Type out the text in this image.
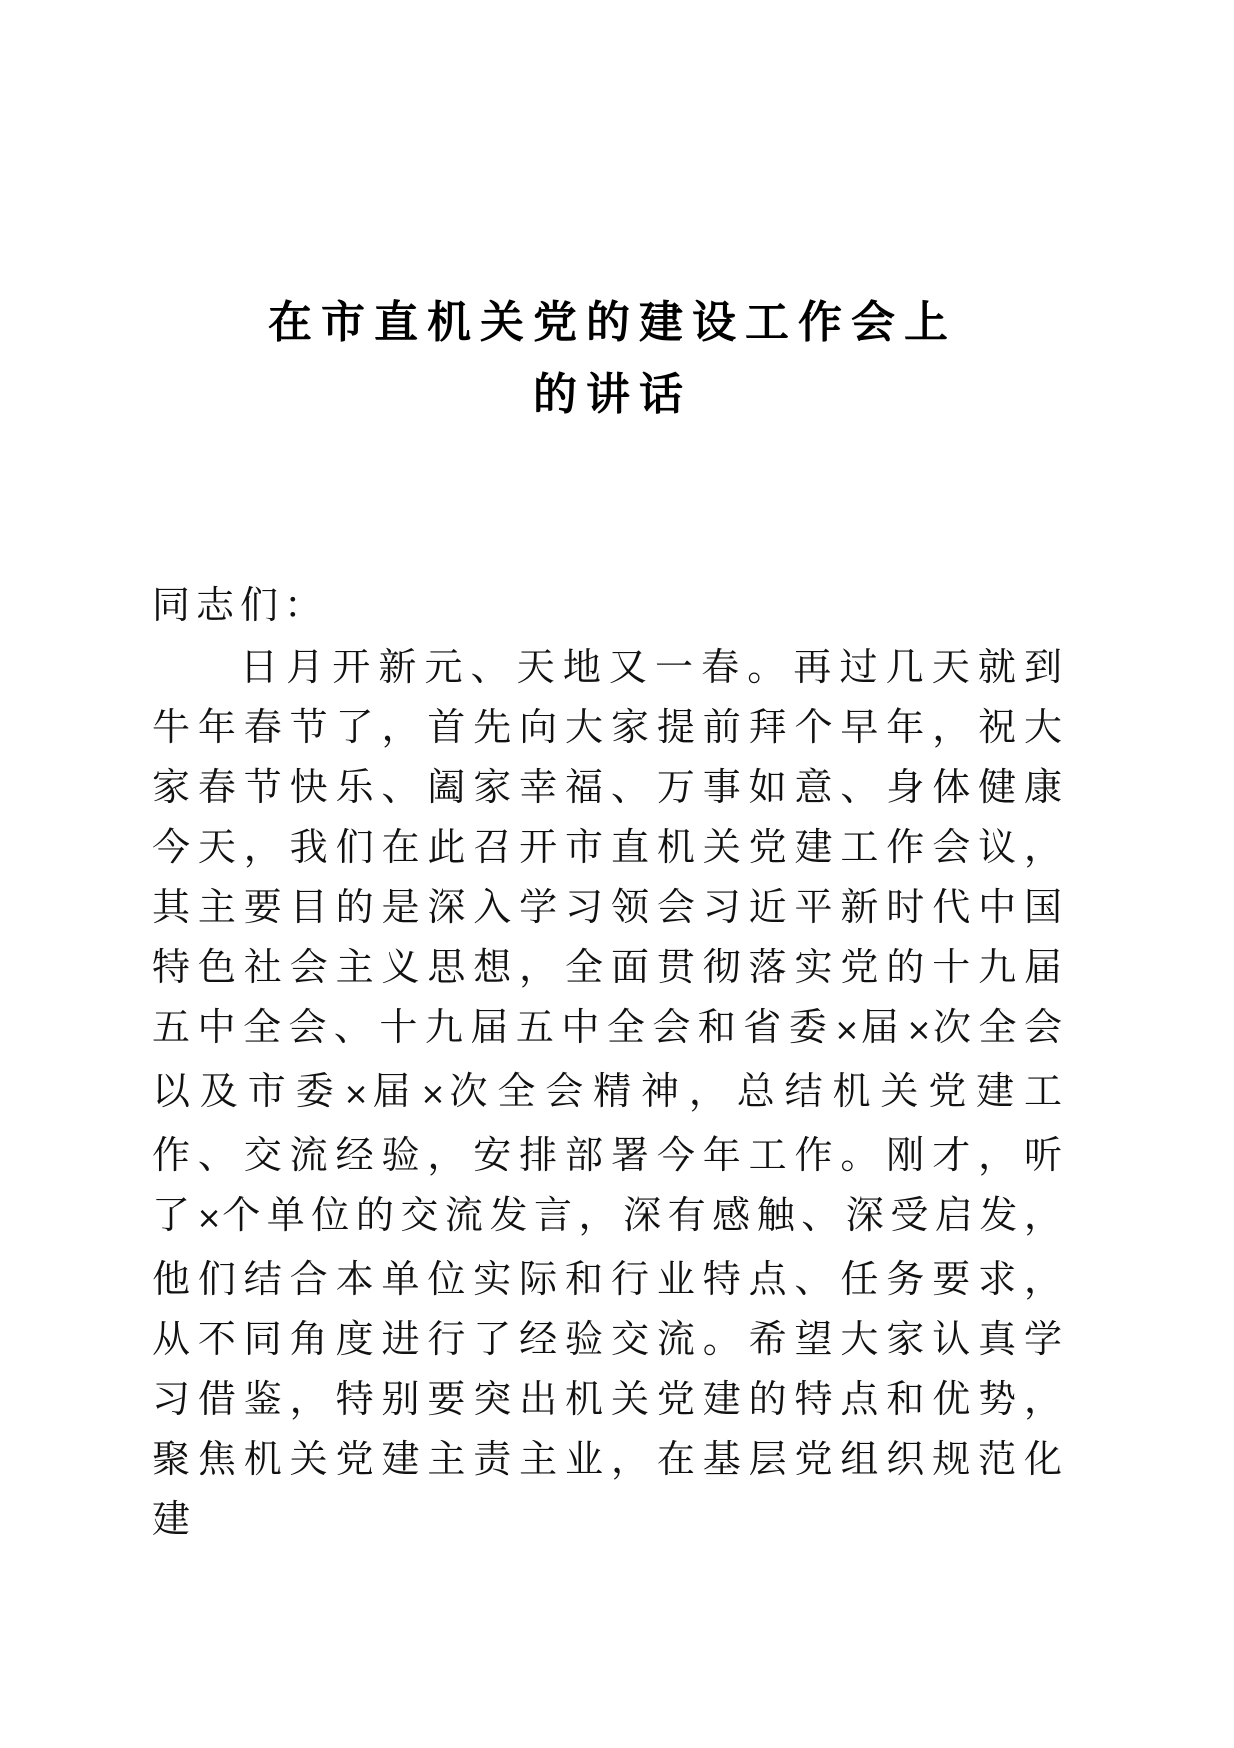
在市直机关党的建设工作会上
的讲话
同志们：

日月开新元、天地又一春。再过几天就到牛年春节了，首先向大家提前拜个早年，祝大家春节快乐、阖家幸福、万事如意、身体健康今天，我们在此召开市直机关党建工作会议，其主要目的是深入学习领会习近平新时代中国特色社会主义思想，全面贯彻落实党的十九届五中全会、十九届五中全会和省委×届×次全会以及市委×届×次全会精神，总结机关党建工作、交流经验，安排部署今年工作。刚才，听了×个单位的交流发言，深有感触、深受启发，他们结合本单位实际和行业特点、任务要求，从不同角度进行了经验交流。希望大家认真学习借鉴，特别要突出机关党建的特点和优势，聚焦机关党建主责主业，在基层党组织规范化建
